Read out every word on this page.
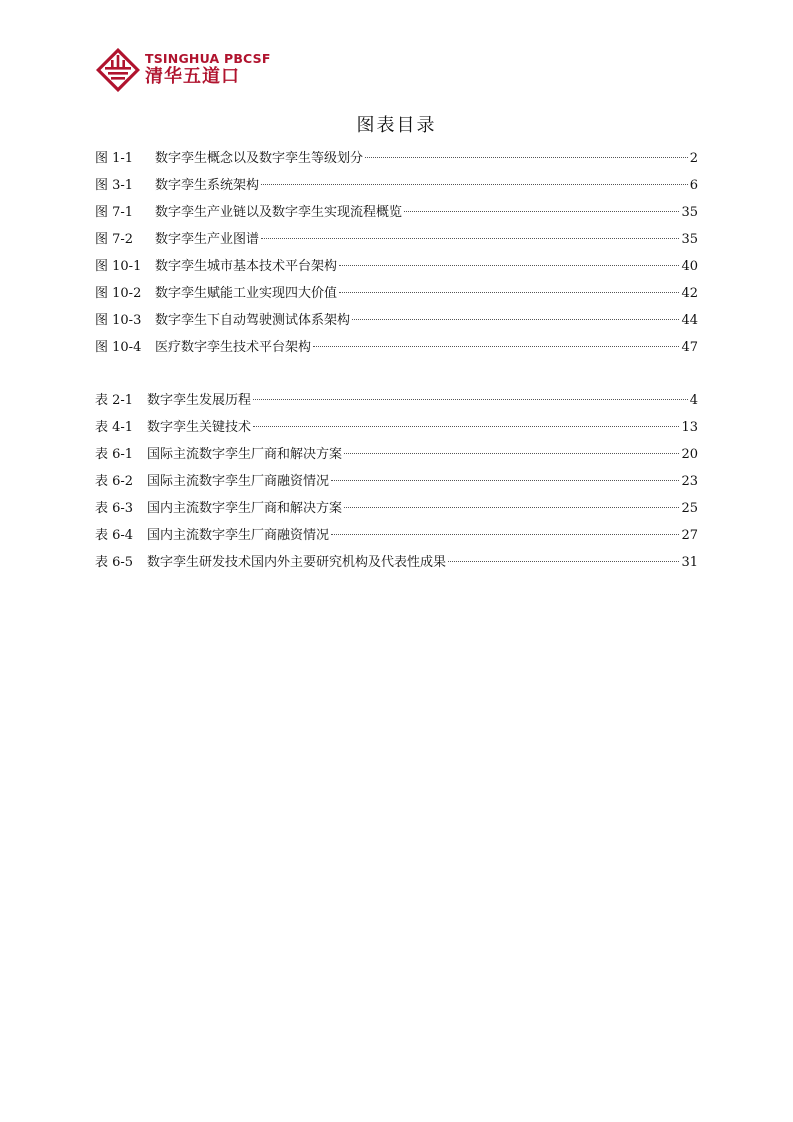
TSINGHUA PBCSF
清华五道口
图表目录
图 1-1	数字孪生概念以及数字孪生等级划分	2
图 3-1	数字孪生系统架构	6
图 7-1	数字孪生产业链以及数字孪生实现流程概览	35
图 7-2	数字孪生产业图谱	35
图 10-1	数字孪生城市基本技术平台架构	40
图 10-2	数字孪生赋能工业实现四大价值	42
图 10-3	数字孪生下自动驾驶测试体系架构	44
图 10-4	医疗数字孪生技术平台架构	47
表 2-1	数字孪生发展历程	4
表 4-1	数字孪生关键技术	13
表 6-1	国际主流数字孪生厂商和解决方案	20
表 6-2	国际主流数字孪生厂商融资情况	23
表 6-3	国内主流数字孪生厂商和解决方案	25
表 6-4	国内主流数字孪生厂商融资情况	27
表 6-5	数字孪生研发技术国内外主要研究机构及代表性成果	31
